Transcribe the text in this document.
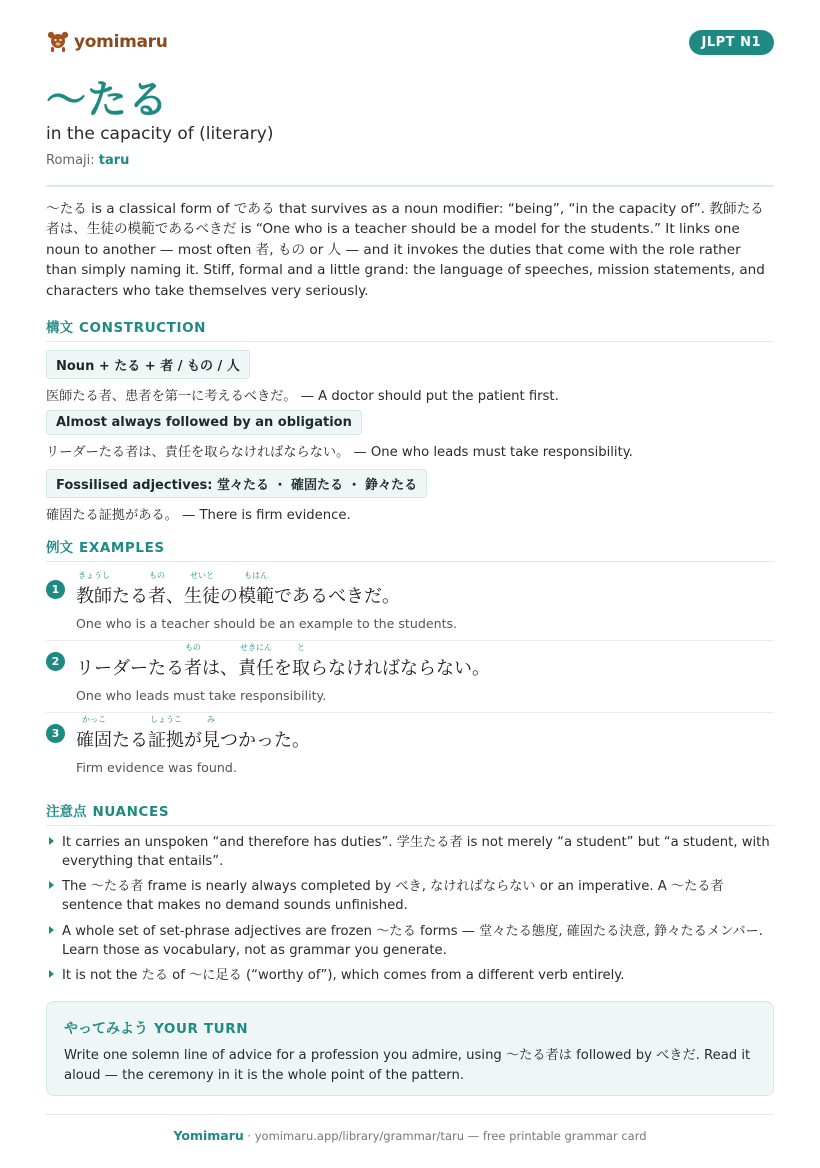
yomimaru	JLPT N1
〜たる
in the capacity of (literary)
Romaji: taru

〜たる is a classical form of である that survives as a noun modifier: “being”, “in the capacity of”. 教師たる者は、生徒の模範であるべきだ is “One who is a teacher should be a model for the students.” It links one noun to another — most often 者, もの or 人 — and it invokes the duties that come with the role rather than simply naming it. Stiff, formal and a little grand: the language of speeches, mission statements, and characters who take themselves very seriously.

構文 CONSTRUCTION
Noun + たる + 者 / もの / 人
医師たる者、患者を第一に考えるべきだ。 — A doctor should put the patient first.
Almost always followed by an obligation
リーダーたる者は、責任を取らなければならない。 — One who leads must take responsibility.
Fossilised adjectives: 堂々たる ・ 確固たる ・ 錚々たる
確固たる証拠がある。 — There is firm evidence.
例文 EXAMPLES
1 教師
きょうし
たる者
もの
、生徒
せいと
の模範
もはん
であるべきだ。
One who is a teacher should be an example to the students.
2 リーダーたる者
もの
は、責任
せきにん
を取
と
らなければならない。
One who leads must take responsibility.
3 確固
かっこ
たる証拠
しょうこ
が見
み
つかった。
Firm evidence was found.
注意点 NUANCES
It carries an unspoken “and therefore has duties”. 学生たる者 is not merely “a student” but “a student, with everything that entails”.
The 〜たる者 frame is nearly always completed by べき, なければならない or an imperative. A 〜たる者 sentence that makes no demand sounds unfinished.
A whole set of set-phrase adjectives are frozen 〜たる forms — 堂々たる態度, 確固たる決意, 錚々たるメンバー. Learn those as vocabulary, not as grammar you generate.
It is not the たる of 〜に足る (“worthy of”), which comes from a different verb entirely.
やってみよう YOUR TURN
Write one solemn line of advice for a profession you admire, using 〜たる者は followed by べきだ. Read it aloud — the ceremony in it is the whole point of the pattern.
Yomimaru · yomimaru.app/library/grammar/taru — free printable grammar card
